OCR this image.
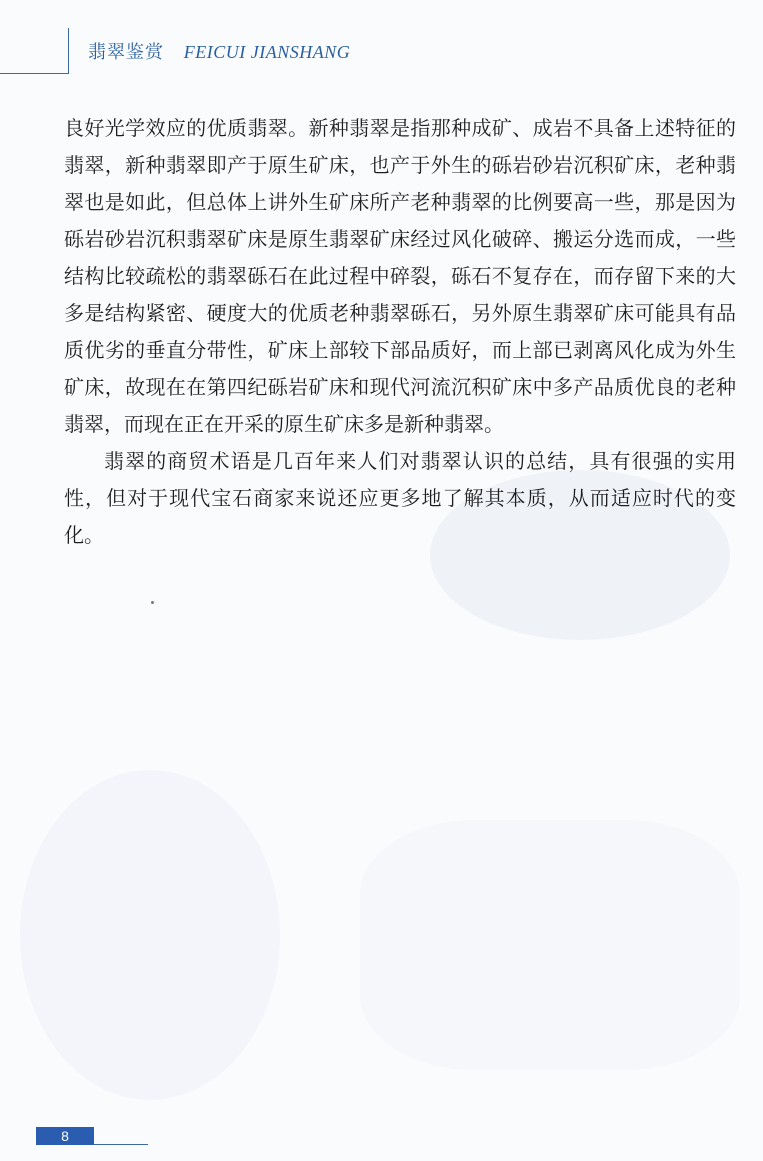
翡翠鉴赏 FEICUI JIANSHANG

良好光学效应的优质翡翠。新种翡翠是指那种成矿、成岩不具备上述特征的翡翠，新种翡翠即产于原生矿床，也产于外生的砾岩砂岩沉积矿床，老种翡翠也是如此，但总体上讲外生矿床所产老种翡翠的比例要高一些，那是因为砾岩砂岩沉积翡翠矿床是原生翡翠矿床经过风化破碎、搬运分选而成，一些结构比较疏松的翡翠砾石在此过程中碎裂，砾石不复存在，而存留下来的大多是结构紧密、硬度大的优质老种翡翠砾石，另外原生翡翠矿床可能具有品质优劣的垂直分带性，矿床上部较下部品质好，而上部已剥离风化成为外生矿床，故现在在第四纪砾岩矿床和现代河流沉积矿床中多产品质优良的老种翡翠，而现在正在开采的原生矿床多是新种翡翠。

翡翠的商贸术语是几百年来人们对翡翠认识的总结，具有很强的实用性，但对于现代宝石商家来说还应更多地了解其本质，从而适应时代的变化。

8
